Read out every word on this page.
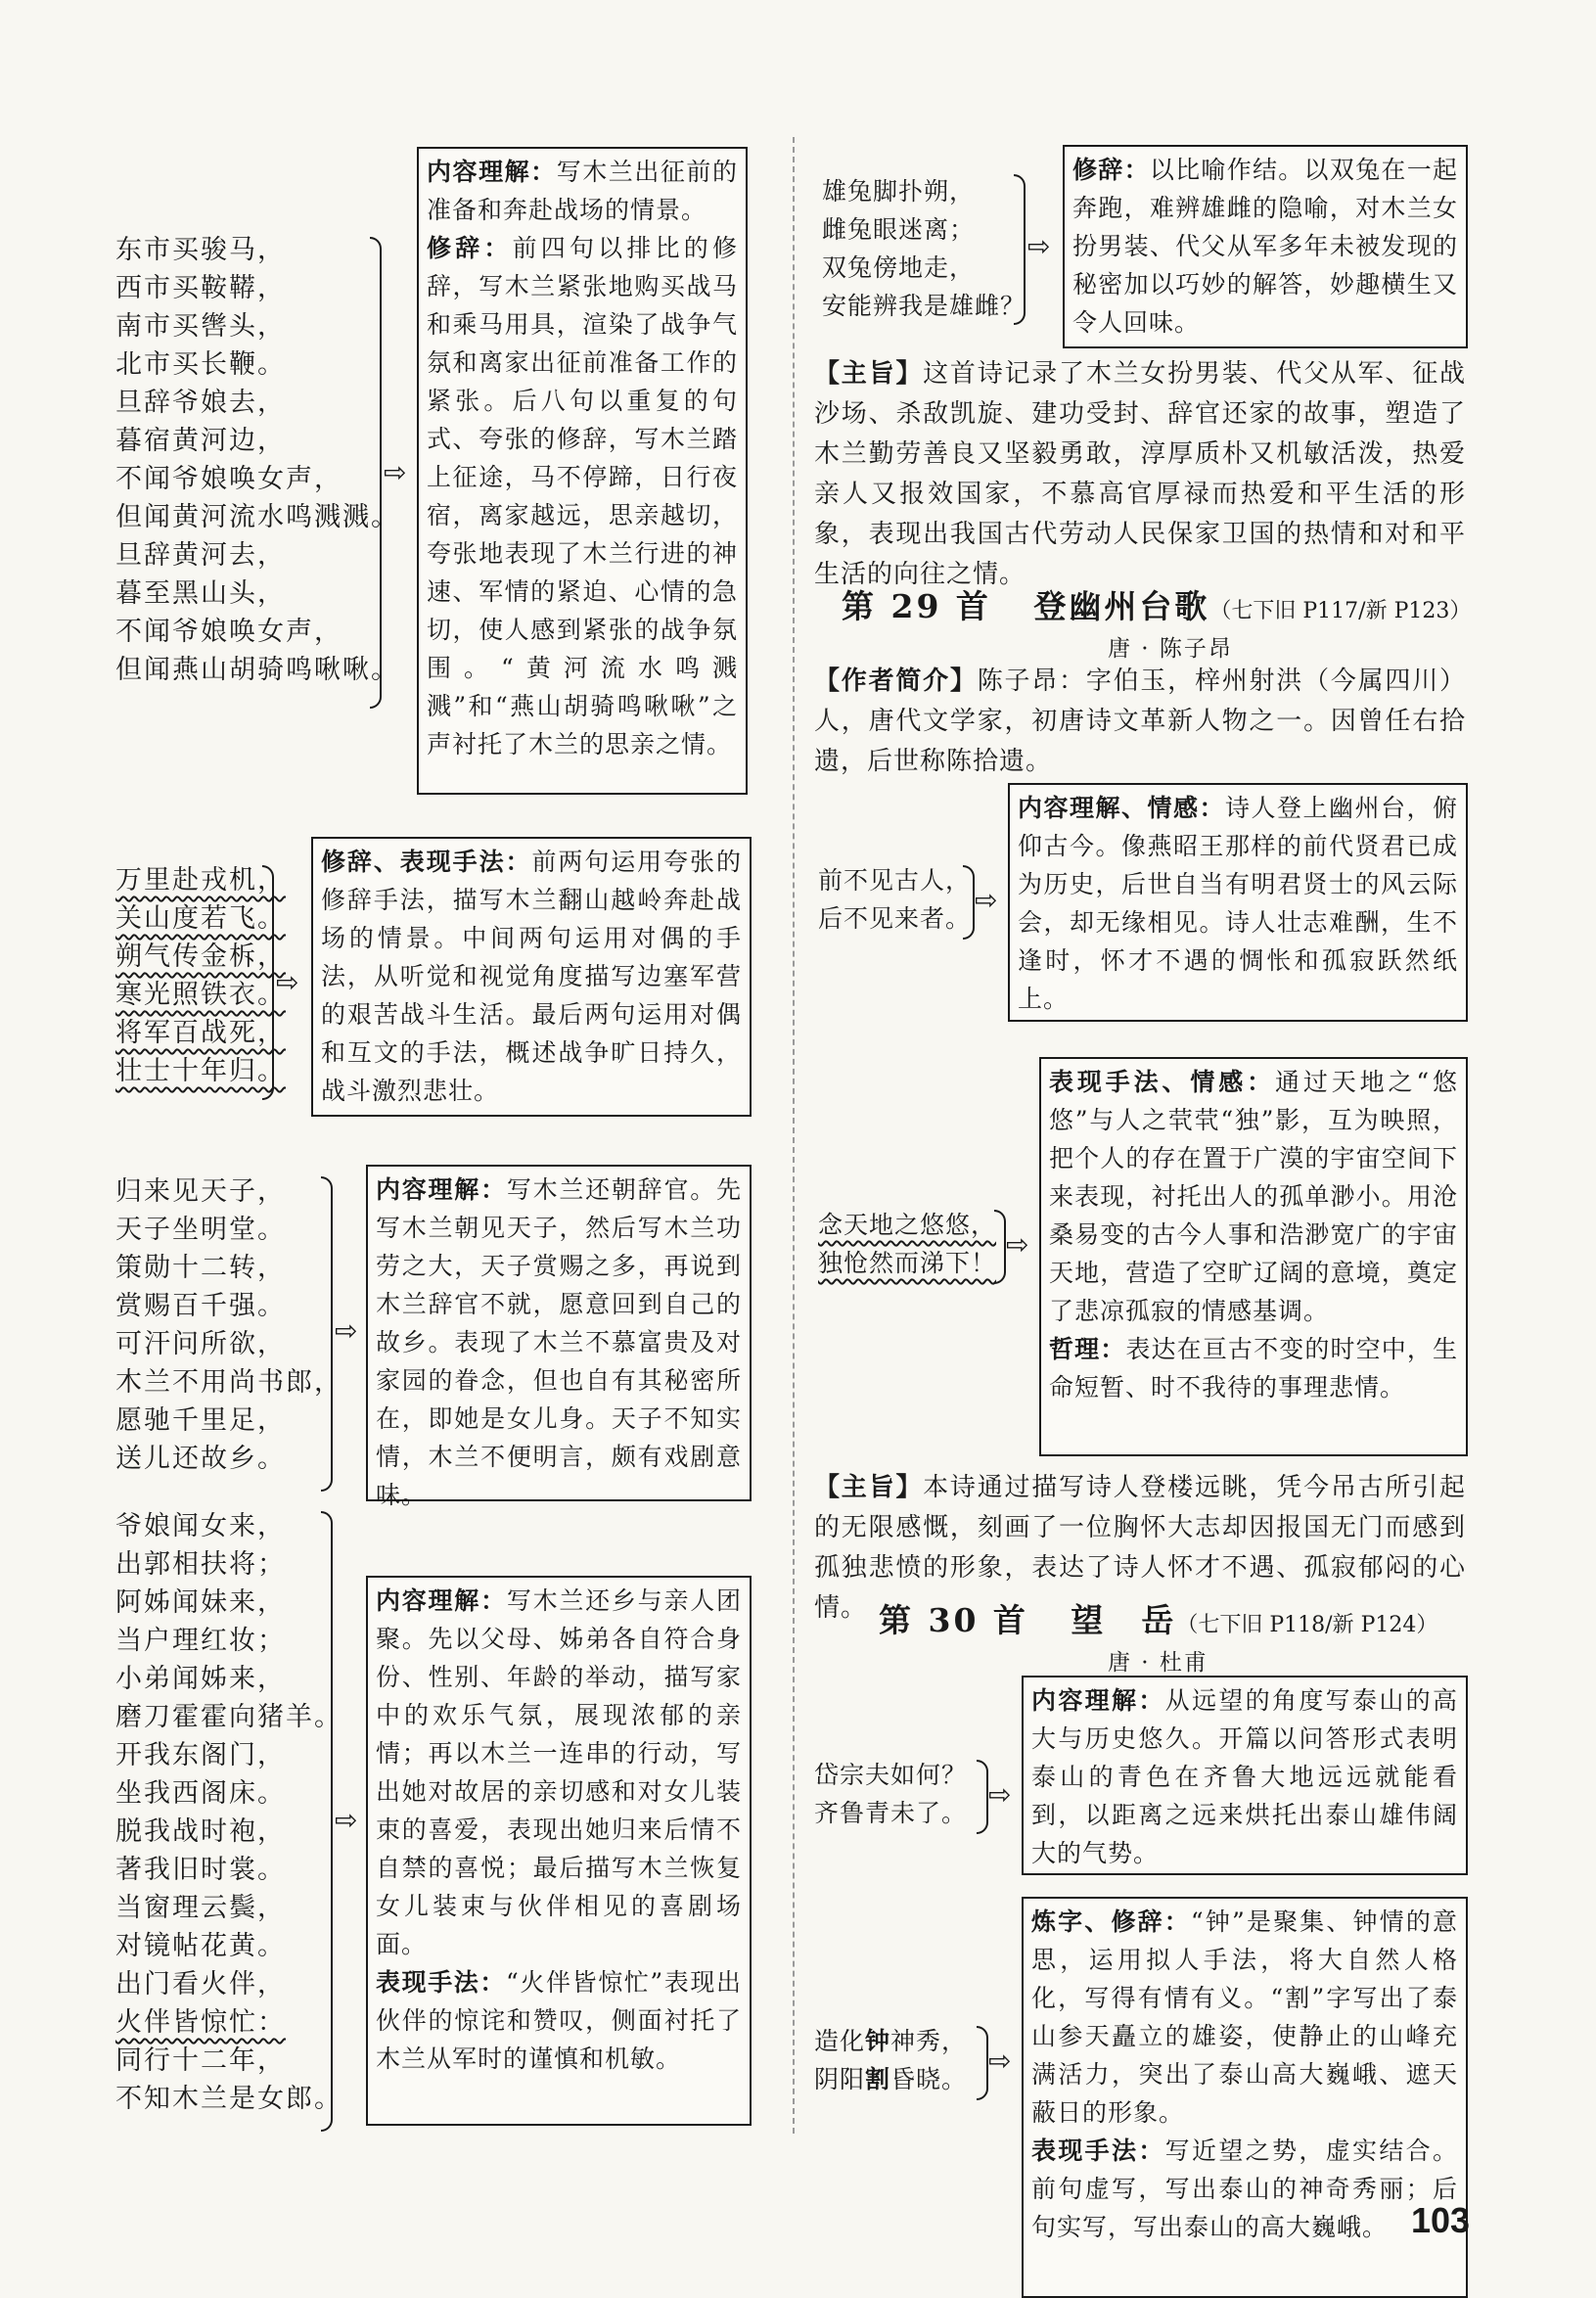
东市买骏马，
西市买鞍鞯，
南市买辔头，
北市买长鞭。
旦辞爷娘去，
暮宿黄河边，
不闻爷娘唤女声，
但闻黄河流水鸣溅溅。
旦辞黄河去，
暮至黑山头，
不闻爷娘唤女声，
但闻燕山胡骑鸣啾啾。
⇨
内容理解：写木兰出征前的准备和奔赴战场的情景。
修辞：前四句以排比的修辞，写木兰紧张地购买战马和乘马用具，渲染了战争气氛和离家出征前准备工作的紧张。后八句以重复的句式、夸张的修辞，写木兰踏上征途，马不停蹄，日行夜宿，离家越远，思亲越切，夸张地表现了木兰行进的神速、军情的紧迫、心情的急切，使人感到紧张的战争氛围。“黄河流水鸣溅溅”和“燕山胡骑鸣啾啾”之声衬托了木兰的思亲之情。
万里赴戎机，
关山度若飞。
朔气传金柝，
寒光照铁衣。
将军百战死，
壮士十年归。
⇨
修辞、表现手法：前两句运用夸张的修辞手法，描写木兰翻山越岭奔赴战场的情景。中间两句运用对偶的手法，从听觉和视觉角度描写边塞军营的艰苦战斗生活。最后两句运用对偶和互文的手法，概述战争旷日持久，战斗激烈悲壮。
归来见天子，
天子坐明堂。
策勋十二转，
赏赐百千强。
可汗问所欲，
木兰不用尚书郎，
愿驰千里足，
送儿还故乡。
⇨
内容理解：写木兰还朝辞官。先写木兰朝见天子，然后写木兰功劳之大，天子赏赐之多，再说到木兰辞官不就，愿意回到自己的故乡。表现了木兰不慕富贵及对家园的眷念，但也自有其秘密所在，即她是女儿身。天子不知实情，木兰不便明言，颇有戏剧意味。
爷娘闻女来，
出郭相扶将；
阿姊闻妹来，
当户理红妆；
小弟闻姊来，
磨刀霍霍向猪羊。
开我东阁门，
坐我西阁床。
脱我战时袍，
著我旧时裳。
当窗理云鬓，
对镜帖花黄。
出门看火伴，
火伴皆惊忙：
同行十二年，
不知木兰是女郎。
⇨
内容理解：写木兰还乡与亲人团聚。先以父母、姊弟各自符合身份、性别、年龄的举动，描写家中的欢乐气氛，展现浓郁的亲情；再以木兰一连串的行动，写出她对故居的亲切感和对女儿装束的喜爱，表现出她归来后情不自禁的喜悦；最后描写木兰恢复女儿装束与伙伴相见的喜剧场面。
表现手法：“火伴皆惊忙”表现出伙伴的惊诧和赞叹，侧面衬托了木兰从军时的谨慎和机敏。
雄兔脚扑朔，
雌兔眼迷离；
双兔傍地走，
安能辨我是雄雌？
⇨
修辞：以比喻作结。以双兔在一起奔跑，难辨雄雌的隐喻，对木兰女扮男装、代父从军多年未被发现的秘密加以巧妙的解答，妙趣横生又令人回味。
【主旨】这首诗记录了木兰女扮男装、代父从军、征战沙场、杀敌凯旋、建功受封、辞官还家的故事，塑造了木兰勤劳善良又坚毅勇敢，淳厚质朴又机敏活泼，热爱亲人又报效国家，不慕高官厚禄而热爱和平生活的形象，表现出我国古代劳动人民保家卫国的热情和对和平生活的向往之情。
第 29 首 登幽州台歌（七下旧 P117/新 P123）
唐 · 陈子昂
【作者简介】陈子昂：字伯玉，梓州射洪（今属四川）人，唐代文学家，初唐诗文革新人物之一。因曾任右拾遗，后世称陈拾遗。
前不见古人，
后不见来者。
⇨
内容理解、情感：诗人登上幽州台，俯仰古今。像燕昭王那样的前代贤君已成为历史，后世自当有明君贤士的风云际会，却无缘相见。诗人壮志难酬，生不逢时，怀才不遇的惆怅和孤寂跃然纸上。
念天地之悠悠，
独怆然而涕下！
⇨
表现手法、情感：通过天地之“悠悠”与人之茕茕“独”影，互为映照，把个人的存在置于广漠的宇宙空间下来表现，衬托出人的孤单渺小。用沧桑易变的古今人事和浩渺宽广的宇宙天地，营造了空旷辽阔的意境，奠定了悲凉孤寂的情感基调。
哲理：表达在亘古不变的时空中，生命短暂、时不我待的事理悲情。
【主旨】本诗通过描写诗人登楼远眺，凭今吊古所引起的无限感慨，刻画了一位胸怀大志却因报国无门而感到孤独悲愤的形象，表达了诗人怀才不遇、孤寂郁闷的心情。 第 30 首 望　岳（七下旧 P118/新 P124）
唐 · 杜甫
岱宗夫如何？
齐鲁青未了。
⇨
内容理解：从远望的角度写泰山的高大与历史悠久。开篇以问答形式表明泰山的青色在齐鲁大地远远就能看到，以距离之远来烘托出泰山雄伟阔大的气势。
造化钟神秀，
阴阳割昏晓。
⇨
炼字、修辞：“钟”是聚集、钟情的意思，运用拟人手法，将大自然人格化，写得有情有义。“割”字写出了泰山参天矗立的雄姿，使静止的山峰充满活力，突出了泰山高大巍峨、遮天蔽日的形象。
表现手法：写近望之势，虚实结合。前句虚写，写出泰山的神奇秀丽；后句实写，写出泰山的高大巍峨。 103
